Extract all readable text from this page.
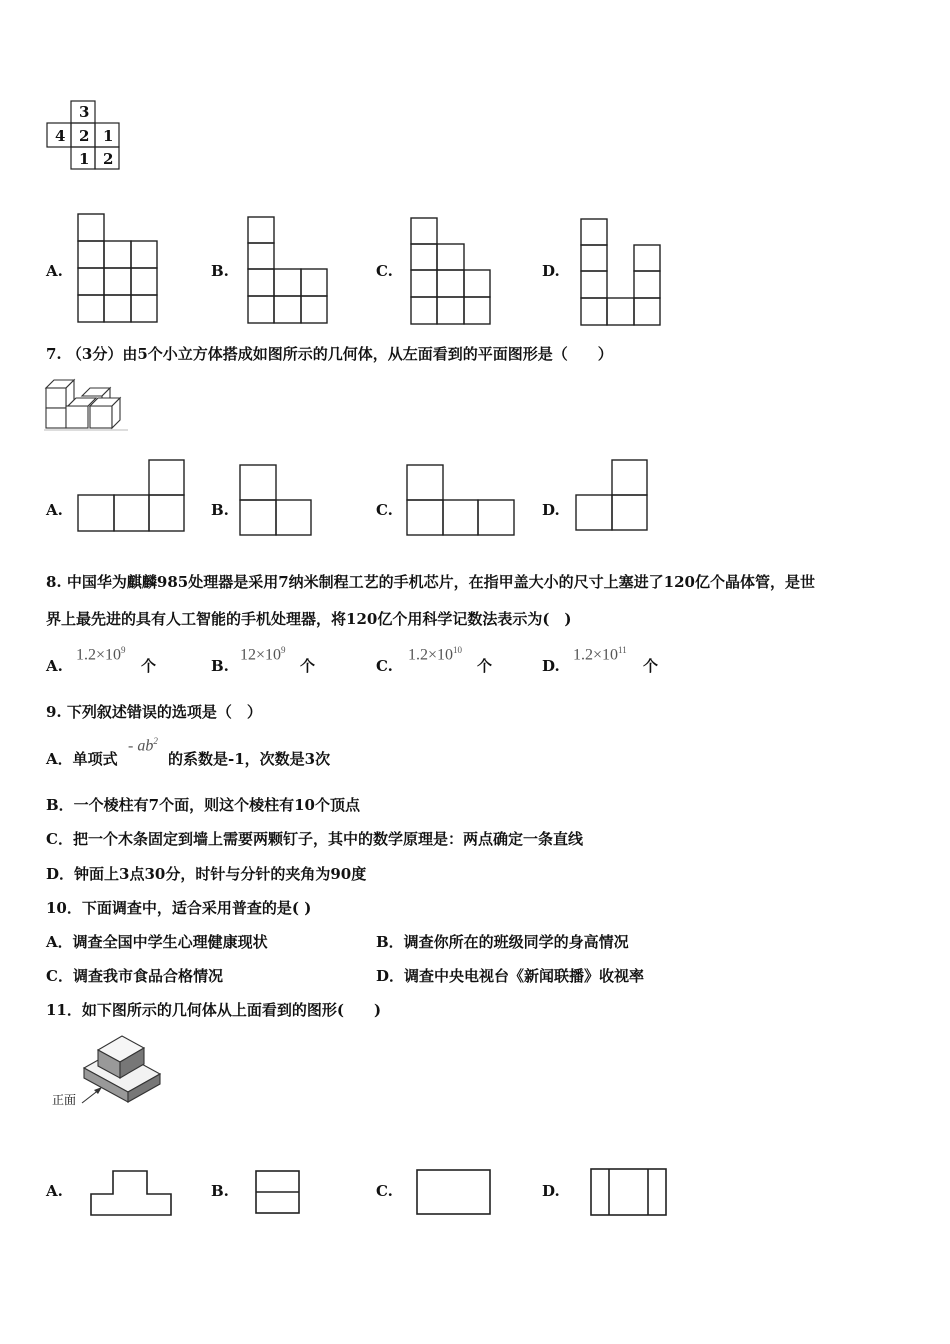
3
4 2 1
1 2
A.	B.	C.	D.
7. （3分）由5个小立方体搭成如图所示的几何体，从左面看到的平面图形是（　　）
A.	B.	C.	D.
8. 中国华为麒麟985处理器是采用7纳米制程工艺的手机芯片，在指甲盖大小的尺寸上塞进了120亿个晶体管，是世
界上最先进的具有人工智能的手机处理器，将120亿个用科学记数法表示为(　)
A.
$1.2\times 10^9$
个	B.
$12\times 10^9$
个	C.
$1.2\times 10^{10}$
个	D.
$1.2\times 10^{11}$
个
9. 下列叙述错误的选项是（　）
A．单项式
- $ab^2$
的系数是-1，次数是3次
B．一个棱柱有7个面，则这个棱柱有10个顶点
C．把一个木条固定到墙上需要两颗钉子，其中的数学原理是：两点确定一条直线
D．钟面上3点30分，时针与分针的夹角为90度
10．下面调查中，适合采用普查的是( )
A．调查全国中学生心理健康现状	B．调查你所在的班级同学的身高情况
C．调查我市食品合格情况	D．调查中央电视台《新闻联播》收视率
11．如下图所示的几何体从上面看到的图形(　　)
正面
A.	B.	C.	D.
